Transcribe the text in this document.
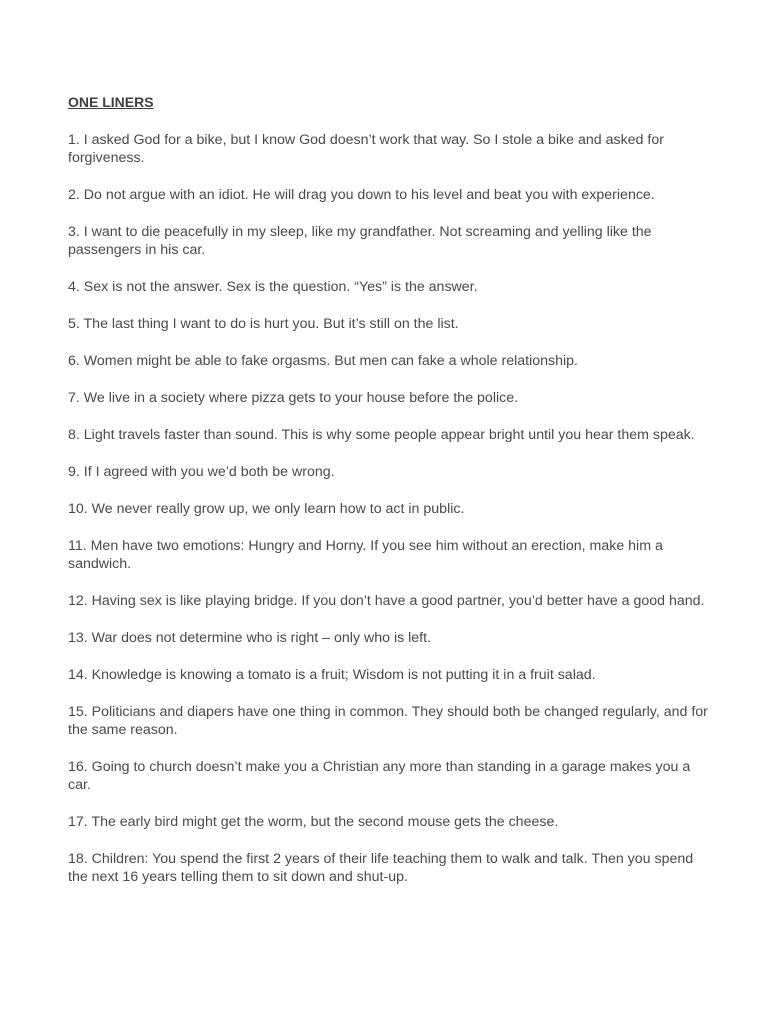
ONE LINERS
1. I asked God for a bike, but I know God doesn’t work that way. So I stole a bike and asked for forgiveness.
2. Do not argue with an idiot. He will drag you down to his level and beat you with experience.
3. I want to die peacefully in my sleep, like my grandfather. Not screaming and yelling like the passengers in his car.
4. Sex is not the answer. Sex is the question. “Yes” is the answer.
5. The last thing I want to do is hurt you. But it’s still on the list.
6. Women might be able to fake orgasms. But men can fake a whole relationship.
7. We live in a society where pizza gets to your house before the police.
8. Light travels faster than sound. This is why some people appear bright until you hear them speak.
9. If I agreed with you we’d both be wrong.
10. We never really grow up, we only learn how to act in public.
11. Men have two emotions: Hungry and Horny. If you see him without an erection, make him a sandwich.
12. Having sex is like playing bridge. If you don’t have a good partner, you’d better have a good hand.
13. War does not determine who is right – only who is left.
14. Knowledge is knowing a tomato is a fruit; Wisdom is not putting it in a fruit salad.
15. Politicians and diapers have one thing in common. They should both be changed regularly, and for the same reason.
16. Going to church doesn’t make you a Christian any more than standing in a garage makes you a car.
17. The early bird might get the worm, but the second mouse gets the cheese.
18. Children: You spend the first 2 years of their life teaching them to walk and talk. Then you spend the next 16 years telling them to sit down and shut-up.
